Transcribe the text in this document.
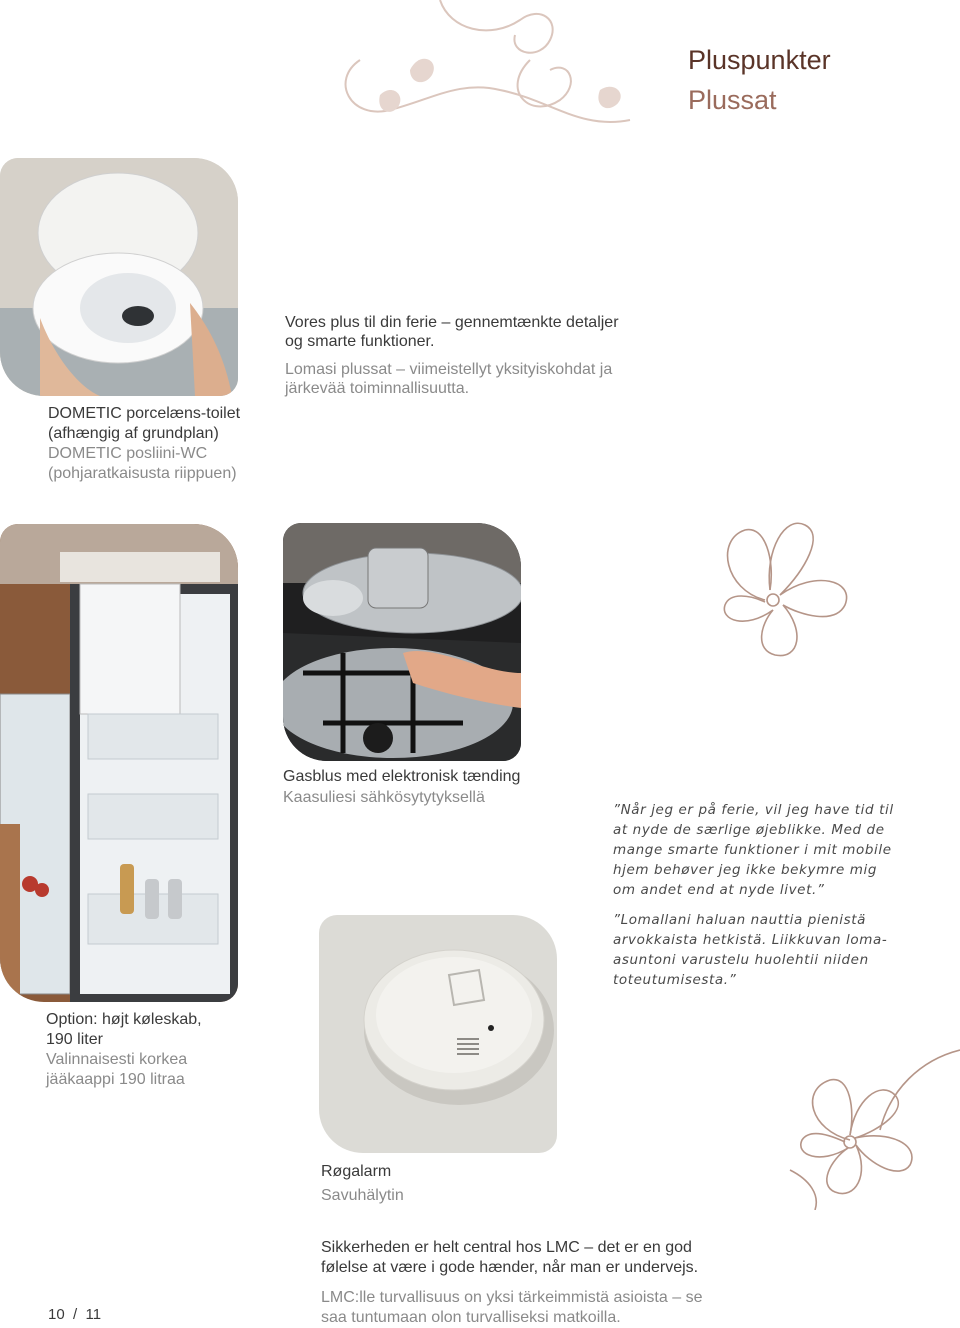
Pluspunkter
Plussat
DOMETIC porcelæns-toilet
(afhængig af grundplan)
DOMETIC posliini-WC
(pohjaratkaisusta riippuen)
Vores plus til din ferie – gennemtænkte detaljer og smarte funktioner.
Lomasi plussat – viimeistellyt yksityiskohdat ja järkevää toiminnallisuutta.
Option: højt køleskab,
190 liter
Valinnaisesti korkea
jääkaappi 190 litraa
Gasblus med elektronisk tænding
Kaasuliesi sähkösytytyksellä
”Når jeg er på ferie, vil jeg have tid til at nyde de særlige øjeblikke. Med de mange smarte funktioner i mit mobile hjem behøver jeg ikke bekymre mig om andet end at nyde livet.”
”Lomallani haluan nauttia pienistä arvokkaista hetkistä. Liikkuvan loma-asuntoni varustelu huolehtii niiden toteutumisesta.”
Røgalarm
Savuhälytin
Sikkerheden er helt central hos LMC – det er en god følelse at være i gode hænder, når man er undervejs.
LMC:lle turvallisuus on yksi tärkeimmistä asioista – se saa tuntumaan olon turvalliseksi matkoilla.
10  /  11
